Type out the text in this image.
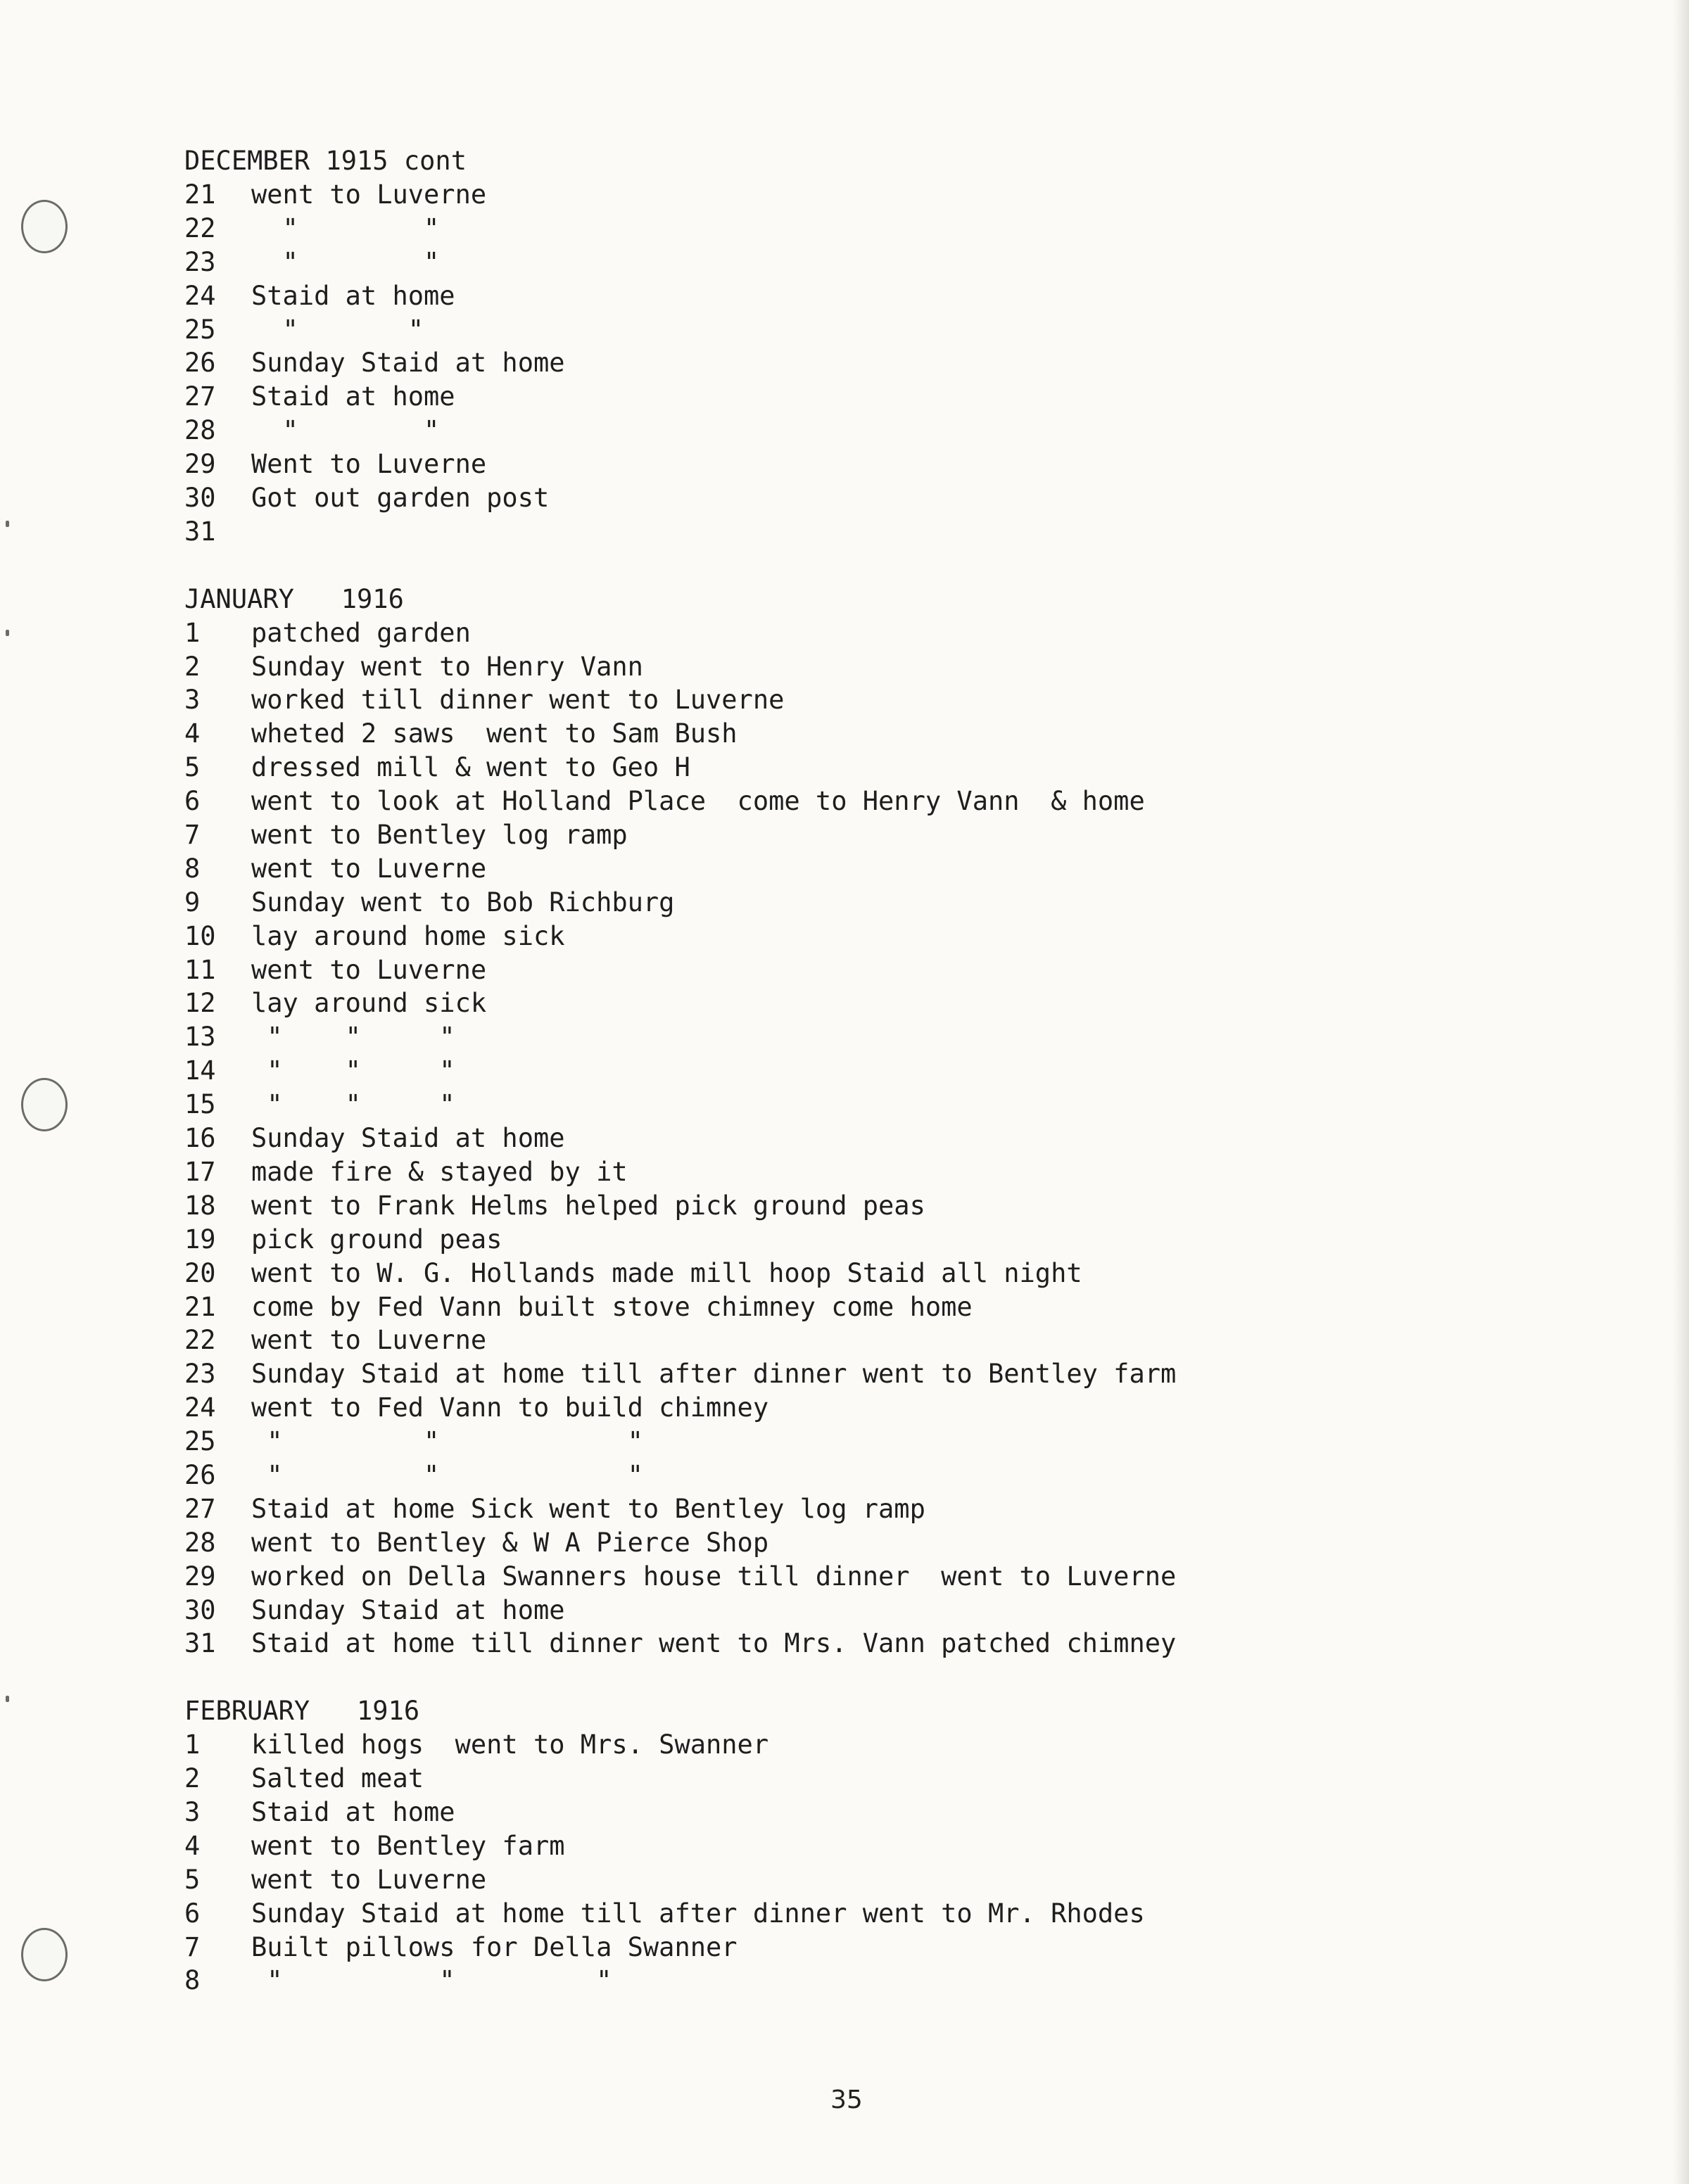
DECEMBER 1915 cont
21	went to Luverne
22	"        "
23	"        "
24	Staid at home
25	"       "
26	Sunday Staid at home
27	Staid at home
28	"        "
29	Went to Luverne
30	Got out garden post
31
JANUARY   1916
1	patched garden
2	Sunday went to Henry Vann
3	worked till dinner went to Luverne
4	wheted 2 saws  went to Sam Bush
5	dressed mill & went to Geo H
6	went to look at Holland Place  come to Henry Vann  & home
7	went to Bentley log ramp
8	went to Luverne
9	Sunday went to Bob Richburg
10	lay around home sick
11	went to Luverne
12	lay around sick
13	"    "     "
14	"    "     "
15	"    "     "
16	Sunday Staid at home
17	made fire & stayed by it
18	went to Frank Helms helped pick ground peas
19	pick ground peas
20	went to W. G. Hollands made mill hoop Staid all night
21	come by Fed Vann built stove chimney come home
22	went to Luverne
23	Sunday Staid at home till after dinner went to Bentley farm
24	went to Fed Vann to build chimney
25	"         "            "
26	"         "            "
27	Staid at home Sick went to Bentley log ramp
28	went to Bentley & W A Pierce Shop
29	worked on Della Swanners house till dinner  went to Luverne
30	Sunday Staid at home
31	Staid at home till dinner went to Mrs. Vann patched chimney
FEBRUARY   1916
1	killed hogs  went to Mrs. Swanner
2	Salted meat
3	Staid at home
4	went to Bentley farm
5	went to Luverne
6	Sunday Staid at home till after dinner went to Mr. Rhodes
7	Built pillows for Della Swanner
8	"          "         "
35
